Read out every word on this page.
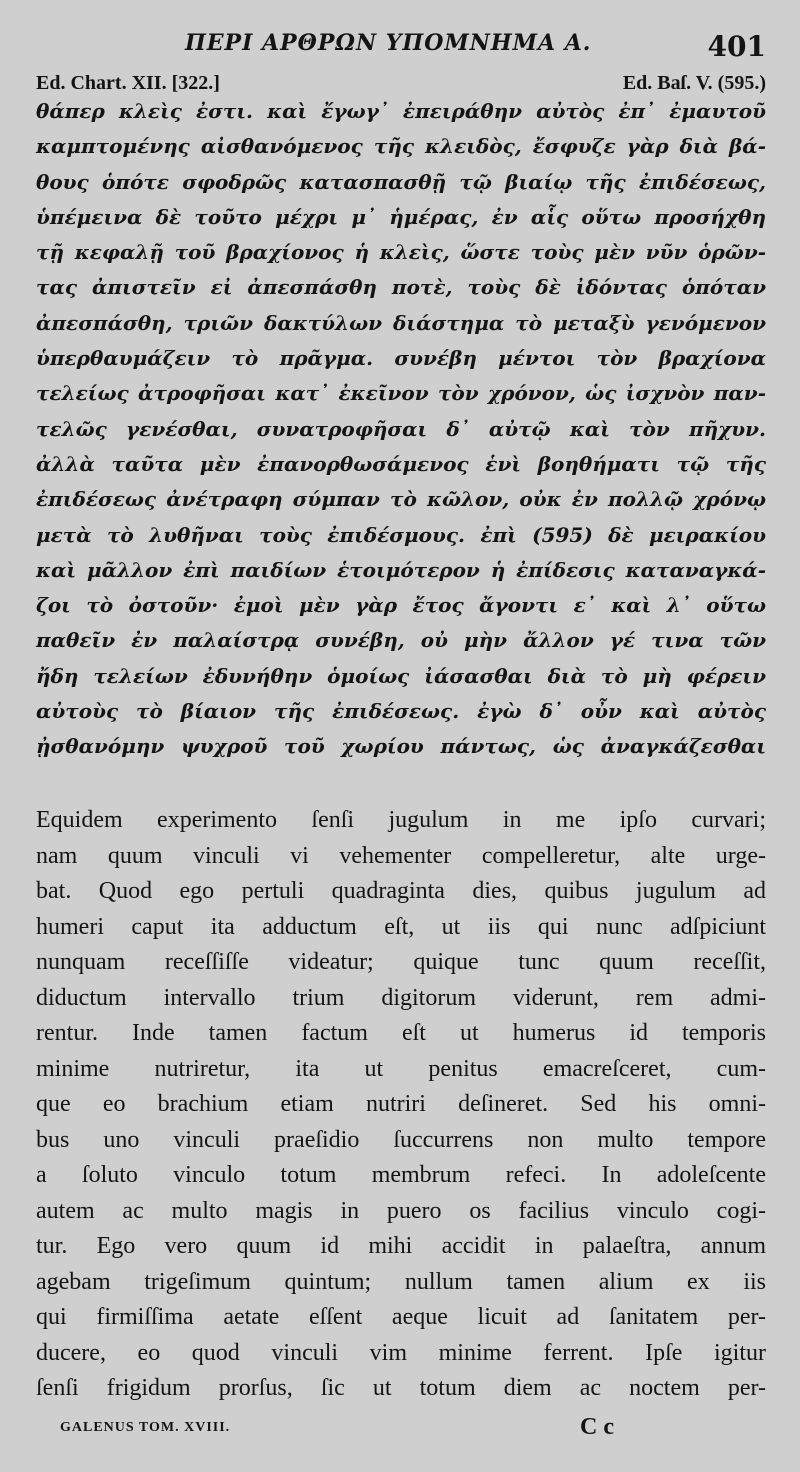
ΠΕΡΙ ΑΡΘΡΩΝ ΥΠΟΜΝΗΜΑ Α.	401
Ed. Chart. XII. [322.]	Ed. Baſ. V. (595.)
θάπερ κλεὶς ἐστι. καὶ ἔγωγ᾽ ἐπειράθην αὐτὸς ἐπ᾽ ἐμαυτοῦ
καμπτομένης αἰσθανόμενος τῆς κλειδὸς, ἔσφυζε γὰρ διὰ βά-
θους ὁπότε σφοδρῶς κατασπασθῇ τῷ βιαίῳ τῆς ἐπιδέσεως,
ὑπέμεινα δὲ τοῦτο μέχρι μ᾽ ἡμέρας, ἐν αἷς οὕτω προσήχθη
τῇ κεφαλῇ τοῦ βραχίονος ἡ κλεὶς, ὥστε τοὺς μὲν νῦν ὁρῶν-
τας ἀπιστεῖν εἰ ἀπεσπάσθη ποτὲ, τοὺς δὲ ἰδόντας ὁπόταν
ἀπεσπάσθη, τριῶν δακτύλων διάστημα τὸ μεταξὺ γενόμενον
ὑπερθαυμάζειν τὸ πρᾶγμα. συνέβη μέντοι τὸν βραχίονα
τελείως ἀτροφῆσαι κατ᾽ ἐκεῖνον τὸν χρόνον, ὡς ἰσχνὸν παν-
τελῶς γενέσθαι, συνατροφῆσαι δ᾽ αὐτῷ καὶ τὸν πῆχυν.
ἀλλὰ ταῦτα μὲν ἐπανορθωσάμενος ἑνὶ βοηθήματι τῷ τῆς
ἐπιδέσεως ἀνέτραφη σύμπαν τὸ κῶλον, οὐκ ἐν πολλῷ χρόνῳ
μετὰ τὸ λυθῆναι τοὺς ἐπιδέσμους. ἐπὶ (595) δὲ μειρακίου
καὶ μᾶλλον ἐπὶ παιδίων ἑτοιμότερον ἡ ἐπίδεσις καταναγκά-
ζοι τὸ ὀστοῦν· ἐμοὶ μὲν γὰρ ἔτος ἄγοντι ε᾽ καὶ λ᾽ οὕτω
παθεῖν ἐν παλαίστρᾳ συνέβη, οὐ μὴν ἄλλον γέ τινα τῶν
ἤδη τελείων ἐδυνήθην ὁμοίως ἰάσασθαι διὰ τὸ μὴ φέρειν
αὐτοὺς τὸ βίαιον τῆς ἐπιδέσεως. ἐγὼ δ᾽ οὖν καὶ αὐτὸς
ᾐσθανόμην ψυχροῦ τοῦ χωρίου πάντως, ὡς ἀναγκάζεσθαι
Equidem experimento ſenſi jugulum in me ipſo curvari;
nam quum vinculi vi vehementer compelleretur, alte urge-
bat. Quod ego pertuli quadraginta dies, quibus jugulum ad
humeri caput ita adductum eſt, ut iis qui nunc adſpiciunt
nunquam receſſiſſe videatur; quique tunc quum receſſit,
diductum intervallo trium digitorum viderunt, rem admi-
rentur. Inde tamen factum eſt ut humerus id temporis
minime nutriretur, ita ut penitus emacreſceret, cum-
que eo brachium etiam nutriri deſineret. Sed his omni-
bus uno vinculi praeſidio ſuccurrens non multo tempore
a ſoluto vinculo totum membrum refeci. In adoleſcente
autem ac multo magis in puero os facilius vinculo cogi-
tur. Ego vero quum id mihi accidit in palaeſtra, annum
agebam trigeſimum quintum; nullum tamen alium ex iis
qui firmiſſima aetate eſſent aeque licuit ad ſanitatem per-
ducere, eo quod vinculi vim minime ferrent. Ipſe igitur
ſenſi frigidum prorſus, ſic ut totum diem ac noctem per-
GALENUS TOM. XVIII.	C c
